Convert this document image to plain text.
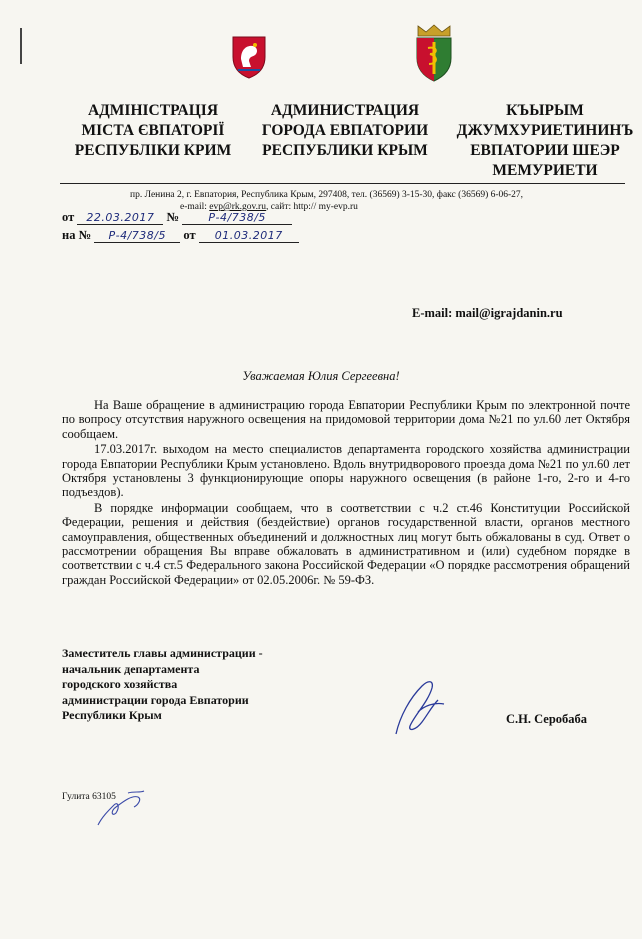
АДМІНІСТРАЦІЯ
МІСТА ЄВПАТОРІЇ
РЕСПУБЛІКИ КРИМ
АДМИНИСТРАЦИЯ
ГОРОДА ЕВПАТОРИИ
РЕСПУБЛИКИ КРЫМ
КЪЫРЫМ
ДЖУМХУРИЕТИНИНЪ
ЕВПАТОРИИ ШЕЭР
МЕМУРИЕТИ
пр. Ленина 2, г. Евпатория, Республика Крым, 297408, тел. (36569) 3-15-30, факс (36569) 6-06-27,
e-mail: evp@rk.gov.ru, сайт: http:// my-evp.ru
от 22.03.2017 №	Р-4/738/5
на № Р-4/738/5 от 01.03.2017
E-mail: mail@igrajdanin.ru
Уважаемая Юлия Сергеевна!

На Ваше обращение в администрацию города Евпатории Республики Крым по электронной почте по вопросу отсутствия наружного освещения на придомовой территории дома №21 по ул.60 лет Октября сообщаем.

17.03.2017г. выходом на место специалистов департамента городского хозяйства администрации города Евпатории Республики Крым установлено. Вдоль внутридворового проезда дома №21 по ул.60 лет Октября установлены 3 функционирующие опоры наружного освещения (в районе 1-го, 2-го и 4-го подъездов).

В порядке информации сообщаем, что в соответствии с ч.2 ст.46 Конституции Российской Федерации, решения и действия (бездействие) органов государственной власти, органов местного самоуправления, общественных объединений и должностных лиц могут быть обжалованы в суд. Ответ о рассмотрении обращения Вы вправе обжаловать в административном и (или) судебном порядке в соответствии с ч.4 ст.5 Федерального закона Российской Федерации «О порядке рассмотрения обращений граждан Российской Федерации» от 02.05.2006г. № 59-ФЗ.

Заместитель главы администрации -
начальник департамента
городского хозяйства
администрации города Евпатории
Республики Крым	С.Н. Серобаба
Гулита 63105
